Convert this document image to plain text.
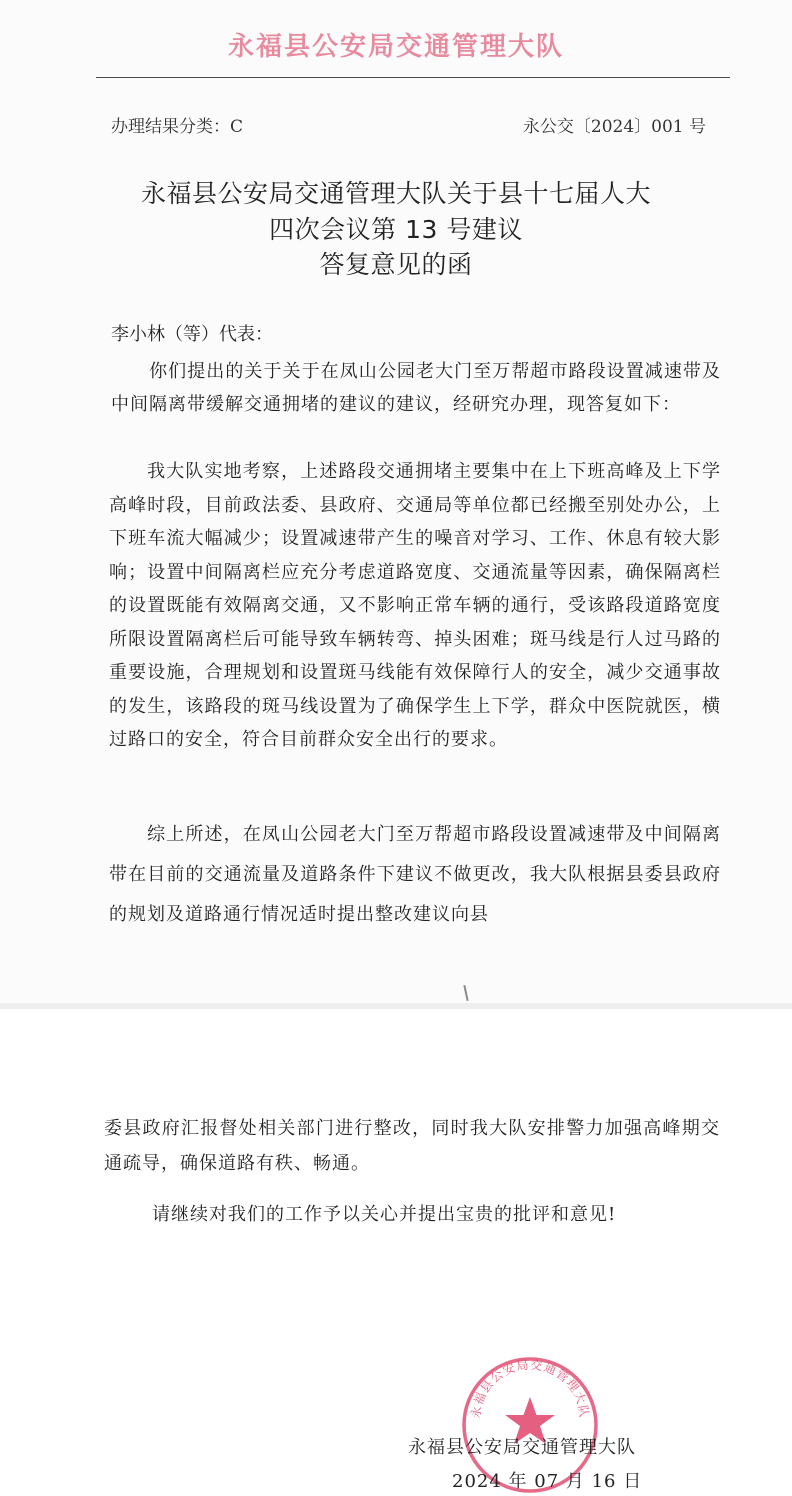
永福县公安局交通管理大队
办理结果分类：C	永公交〔2024〕001 号
永福县公安局交通管理大队关于县十七届人大
四次会议第 13 号建议
答复意见的函
李小林（等）代表：
你们提出的关于关于在凤山公园老大门至万帮超市路段设置减速带及中间隔离带缓解交通拥堵的建议的建议，经研究办理，现答复如下：
我大队实地考察，上述路段交通拥堵主要集中在上下班高峰及上下学高峰时段，目前政法委、县政府、交通局等单位都已经搬至别处办公，上下班车流大幅减少；设置减速带产生的噪音对学习、工作、休息有较大影响；设置中间隔离栏应充分考虑道路宽度、交通流量等因素，确保隔离栏的设置既能有效隔离交通，又不影响正常车辆的通行，受该路段道路宽度所限设置隔离栏后可能导致车辆转弯、掉头困难；斑马线是行人过马路的重要设施，合理规划和设置斑马线能有效保障行人的安全，减少交通事故的发生，该路段的斑马线设置为了确保学生上下学，群众中医院就医，横过路口的安全，符合目前群众安全出行的要求。
综上所述，在凤山公园老大门至万帮超市路段设置减速带及中间隔离带在目前的交通流量及道路条件下建议不做更改，我大队根据县委县政府的规划及道路通行情况适时提出整改建议向县
委县政府汇报督处相关部门进行整改，同时我大队安排警力加强高峰期交通疏导，确保道路有秩、畅通。
请继续对我们的工作予以关心并提出宝贵的批评和意见!
永福县公安局交通管理大队
永福县公安局交通管理大队
2024 年 07 月 16 日
